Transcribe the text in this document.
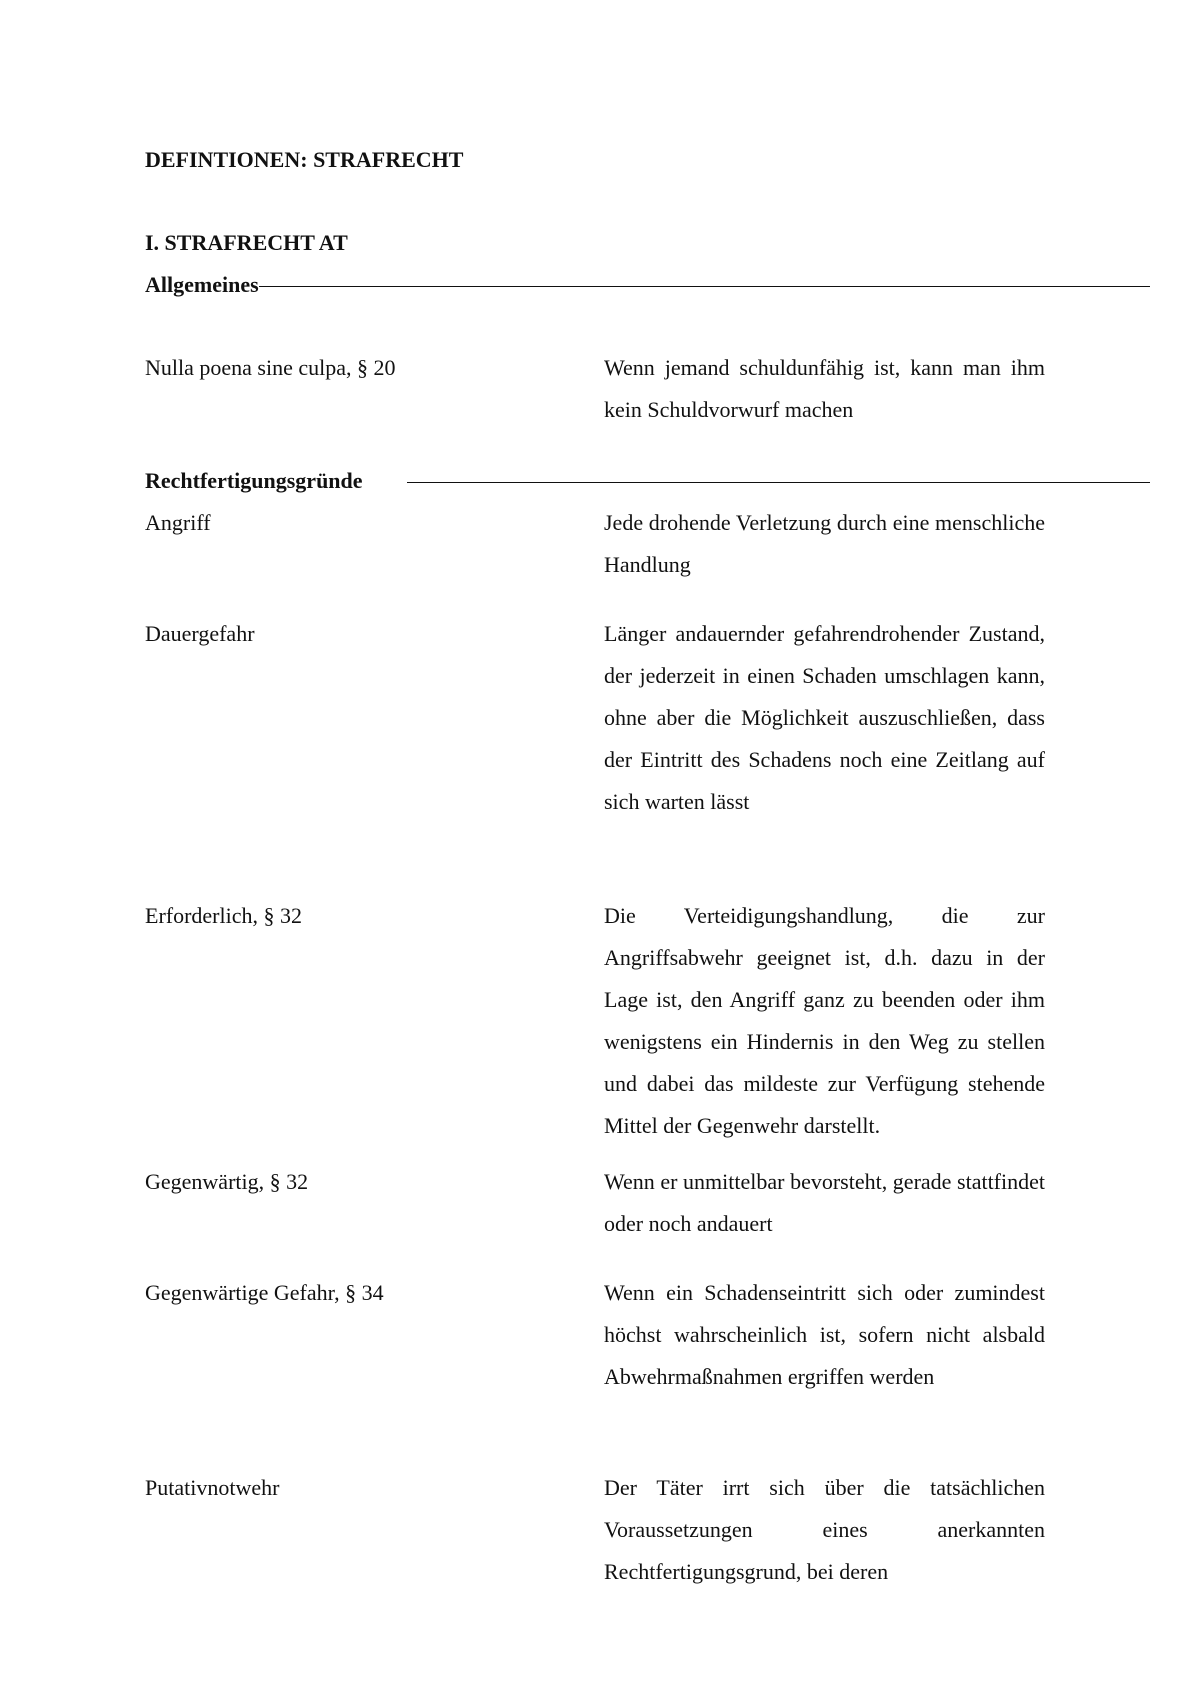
DEFINTIONEN: STRAFRECHT
I. STRAFRECHT AT
Allgemeines
Nulla poena sine culpa, § 20	Wenn jemand schuldunfähig ist, kann man ihm kein Schuldvorwurf machen
Rechtfertigungsgründe
Angriff	Jede drohende Verletzung durch eine menschliche Handlung
Dauergefahr	Länger andauernder gefahrendrohender Zustand, der jederzeit in einen Schaden umschlagen kann, ohne aber die Möglichkeit auszuschließen, dass der Eintritt des Schadens noch eine Zeitlang auf sich warten lässt
Erforderlich, § 32	Die Verteidigungshandlung, die zur Angriffsabwehr geeignet ist, d.h. dazu in der Lage ist, den Angriff ganz zu beenden oder ihm wenigstens ein Hindernis in den Weg zu stellen und dabei das mildeste zur Verfügung stehende Mittel der Gegenwehr darstellt.
Gegenwärtig, § 32	Wenn er unmittelbar bevorsteht, gerade stattfindet oder noch andauert
Gegenwärtige Gefahr, § 34	Wenn ein Schadenseintritt sich oder zumindest höchst wahrscheinlich ist, sofern nicht alsbald Abwehrmaßnahmen ergriffen werden
Putativnotwehr	Der Täter irrt sich über die tatsächlichen Voraussetzungen eines anerkannten Rechtfertigungsgrund, bei deren
